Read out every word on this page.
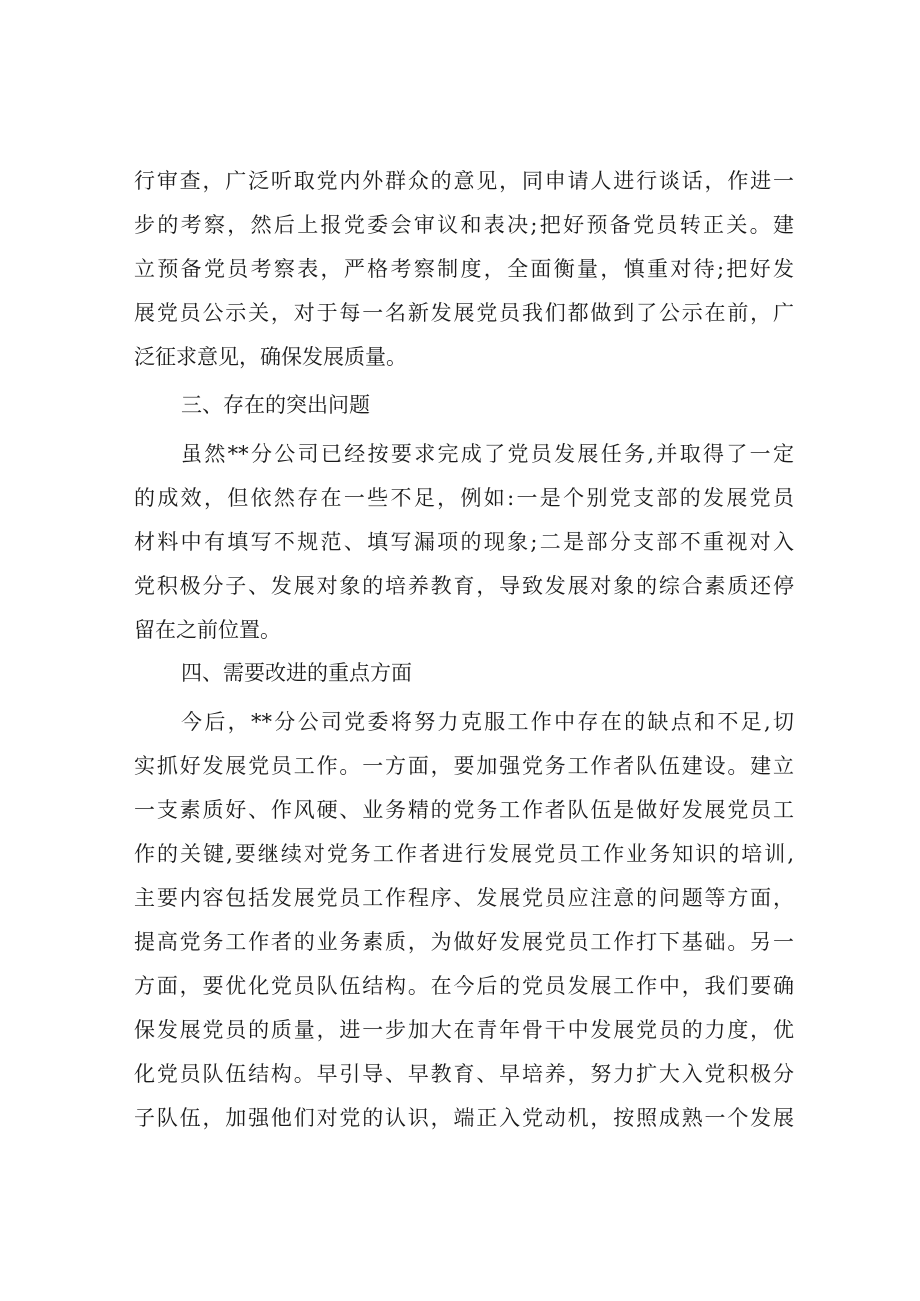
行审查，广泛听取党内外群众的意见，同申请人进行谈话，作进一
步的考察，然后上报党委会审议和表决;把好预备党员转正关。建
立预备党员考察表，严格考察制度，全面衡量，慎重对待;把好发
展党员公示关，对于每一名新发展党员我们都做到了公示在前，广
泛征求意见，确保发展质量。
三、存在的突出问题
虽然**分公司已经按要求完成了党员发展任务,并取得了一定
的成效，但依然存在一些不足，例如:一是个别党支部的发展党员
材料中有填写不规范、填写漏项的现象;二是部分支部不重视对入
党积极分子、发展对象的培养教育，导致发展对象的综合素质还停
留在之前位置。
四、需要改进的重点方面
今后，**分公司党委将努力克服工作中存在的缺点和不足,切
实抓好发展党员工作。一方面，要加强党务工作者队伍建设。建立
一支素质好、作风硬、业务精的党务工作者队伍是做好发展党员工
作的关键,要继续对党务工作者进行发展党员工作业务知识的培训,
主要内容包括发展党员工作程序、发展党员应注意的问题等方面，
提高党务工作者的业务素质，为做好发展党员工作打下基础。另一
方面，要优化党员队伍结构。在今后的党员发展工作中，我们要确
保发展党员的质量，进一步加大在青年骨干中发展党员的力度，优
化党员队伍结构。早引导、早教育、早培养，努力扩大入党积极分
子队伍，加强他们对党的认识，端正入党动机，按照成熟一个发展
